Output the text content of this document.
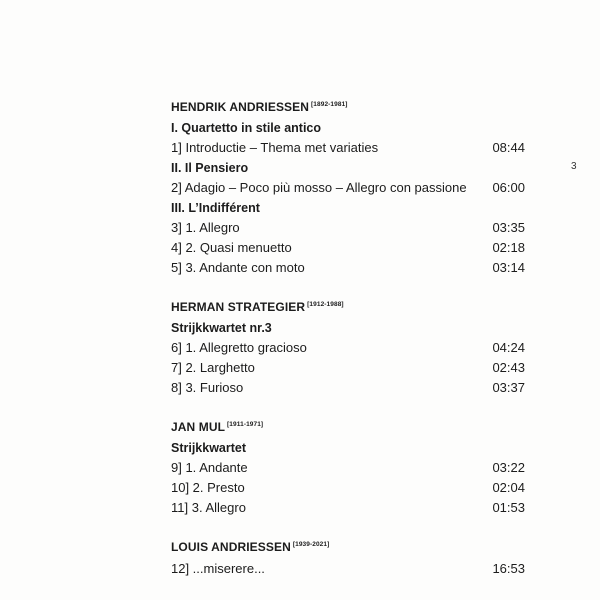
3
HENDRIK ANDRIESSEN [1892-1981]
I. Quartetto in stile antico
1] Introductie – Thema met variaties	08:44
II. Il Pensiero
2] Adagio – Poco più mosso – Allegro con passione 06:00
III. L’Indifférent
3] 1. Allegro	03:35
4] 2. Quasi menuetto	02:18
5] 3. Andante con moto	03:14
HERMAN STRATEGIER [1912-1988]
Strijkkwartet nr.3
6] 1. Allegretto gracioso	04:24
7] 2. Larghetto	02:43
8] 3. Furioso	03:37
JAN MUL [1911-1971]
Strijkkwartet
9] 1. Andante	03:22
10] 2. Presto	02:04
11] 3. Allegro	01:53
LOUIS ANDRIESSEN [1939-2021]
12] ...miserere...	16:53
